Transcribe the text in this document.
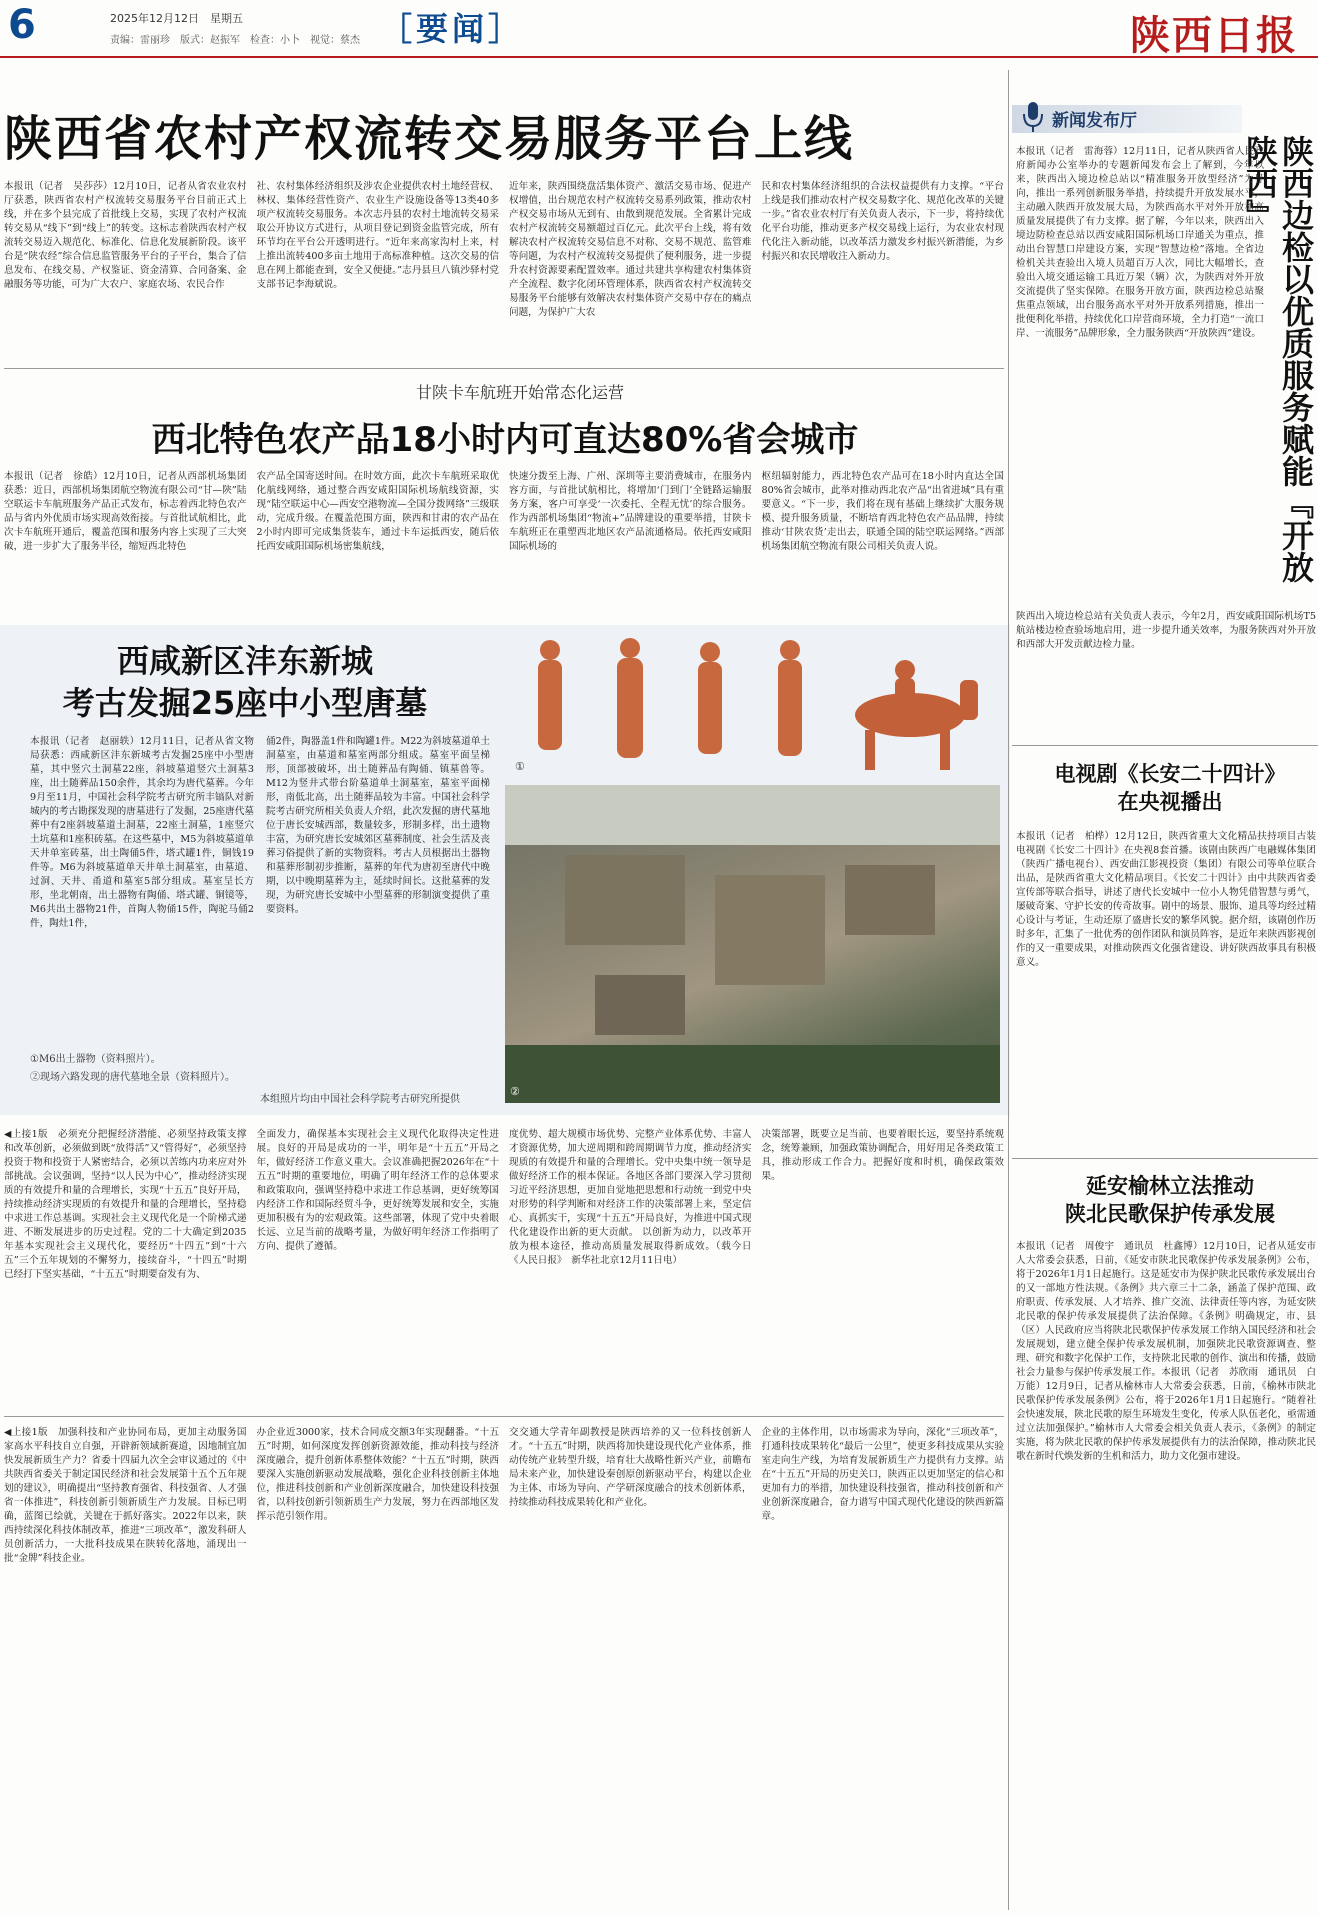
6	2025年12月12日　星期五
责编：雷丽珍　版式：赵振军　检查：小卜　视觉：蔡杰 ［要闻］	陕西日报
陕西省农村产权流转交易服务平台上线

本报讯（记者　吴莎莎）12月10日，记者从省农业农村厅获悉，陕西省农村产权流转交易服务平台目前正式上线，并在多个县完成了首批线上交易，实现了农村产权流转交易从“线下”到“线上”的转变。这标志着陕西农村产权流转交易迈入规范化、标准化、信息化发展新阶段。该平台是“陕农经”综合信息监管服务平台的子平台，集合了信息发布、在线交易、产权鉴证、资金清算、合同备案、金融服务等功能，可为广大农户、家庭农场、农民合作

社、农村集体经济组织及涉农企业提供农村土地经营权、林权、集体经营性资产、农业生产设施设备等13类40多项产权流转交易服务。本次志丹县的农村土地流转交易采取公开协议方式进行，从项目登记到资金监管完成，所有环节均在平台公开透明进行。“近年来高家沟村上来，村上推出流转400多亩土地用于高标准种植。这次交易的信息在网上都能查到，安全又便捷。”志丹县旦八镇沙驿村党支部书记李海斌说。

近年来，陕西围绕盘活集体资产、激活交易市场、促进产权增值，出台规范农村产权流转交易系列政策，推动农村产权交易市场从无到有、由散到规范发展。全省累计完成农村产权流转交易额超过百亿元。此次平台上线，将有效解决农村产权流转交易信息不对称、交易不规范、监管难等问题，为农村产权流转交易提供了便利服务，进一步提升农村资源要素配置效率。通过共建共享构建农村集体资产全流程、数字化闭环管理体系，陕西省农村产权流转交易服务平台能够有效解决农村集体资产交易中存在的痛点问题，为保护广大农

民和农村集体经济组织的合法权益提供有力支撑。“平台上线是我们推动农村产权交易数字化、规范化改革的关键一步。”省农业农村厅有关负责人表示，下一步，将持续优化平台功能，推动更多产权交易线上运行，为农业农村现代化注入新动能，以改革活力激发乡村振兴新潜能，为乡村振兴和农民增收注入新动力。

甘陕卡车航班开始常态化运营
西北特色农产品18小时内可直达80%省会城市

本报讯（记者　徐皓）12月10日，记者从西部机场集团获悉：近日，西部机场集团航空物流有限公司“甘—陕”陆空联运卡车航班服务产品正式发布，标志着西北特色农产品与省内外优质市场实现高效衔接。与首批试航相比，此次卡车航班开通后，覆盖范围和服务内容上实现了三大突破，进一步扩大了服务半径，缩短西北特色

农产品全国寄送时间。在时效方面，此次卡车航班采取优化航线网络，通过整合西安咸阳国际机场航线资源，实现“陆空联运中心—西安空港物流—全国分拨网络”三级联动，完成升级。在覆盖范围方面，陕西和甘肃的农产品在2小时内即可完成集货装车，通过卡车运抵西安，随后依托西安咸阳国际机场密集航线，

快速分拨至上海、广州、深圳等主要消费城市，在服务内容方面，与首批试航相比，将增加‘门到门’全链路运输服务方案，客户可享受‘一次委托、全程无忧’的综合服务。作为西部机场集团“物流+”品牌建设的重要举措，甘陕卡车航班正在重塑西北地区农产品流通格局。依托西安咸阳国际机场的

枢纽辐射能力，西北特色农产品可在18小时内直达全国80%省会城市，此举对推动西北农产品“出省进城”具有重要意义。“下一步，我们将在现有基础上继续扩大服务规模、提升服务质量，不断培育西北特色农产品品牌，持续推动‘甘陕农货’走出去，联通全国的陆空联运网络。”西部机场集团航空物流有限公司相关负责人说。

西咸新区沣东新城
考古发掘25座中小型唐墓

本报讯（记者　赵丽轶）12月11日，记者从省文物局获悉：西咸新区沣东新城考古发掘25座中小型唐墓，其中竖穴土洞墓22座，斜坡墓道竖穴土洞墓3座，出土随葬品150余件，其余均为唐代墓葬。今年9月至11月，中国社会科学院考古研究所丰镐队对新城内的考古勘探发现的唐墓进行了发掘，25座唐代墓葬中有2座斜坡墓道土洞墓，22座土洞墓，1座竖穴土坑墓和1座积砖墓。在这些墓中，M5为斜坡墓道单天井单室砖墓，出土陶俑5件，塔式罐1件，铜钱19件等。M6为斜坡墓道单天井单土洞墓室，由墓道、过洞、天井、甬道和墓室5部分组成。墓室呈长方形，坐北朝南，出土器物有陶俑、塔式罐、铜镜等，M6共出土器物21件，首陶人物俑15件，陶驼马俑2件，陶灶1件，

俑2件，陶器盖1件和陶罐1件。M22为斜坡墓道单土洞墓室，由墓道和墓室两部分组成。墓室平面呈梯形，顶部被破坏，出土随葬品有陶俑、镇墓兽等。M12为竖井式带台阶墓道单土洞墓室，墓室平面梯形，南低北高，出土随葬品较为丰富。中国社会科学院考古研究所相关负责人介绍，此次发掘的唐代墓地位于唐长安城西部，数量较多，形制多样，出土遗物丰富，为研究唐长安城郊区墓葬制度、社会生活及丧葬习俗提供了新的实物资料。考古人员根据出土器物和墓葬形制初步推断，墓葬的年代为唐初至唐代中晚期，以中晚期墓葬为主，延续时间长。这批墓葬的发现，为研究唐长安城中小型墓葬的形制演变提供了重要资料。

①M6出土器物（资料照片）。
②现场六路发现的唐代墓地全景（资料照片）。
本组照片均由中国社会科学院考古研究所提供
①
②

◀上接1版　必须充分把握经济潜能、必须坚持政策支撑和改革创新，必须做到既“放得活”又“管得好”，必须坚持投资于物和投资于人紧密结合，必须以苦练内功来应对外部挑战。会议强调，坚持“以人民为中心”，推动经济实现质的有效提升和量的合理增长，实现“十五五”良好开局，持续推动经济实现质的有效提升和量的合理增长，坚持稳中求进工作总基调。实现社会主义现代化是一个阶梯式递进、不断发展进步的历史过程。党的二十大确定到2035年基本实现社会主义现代化，要经历“十四五”到“十六五”三个五年规划的不懈努力，接续奋斗，“十四五”时期已经打下坚实基础，“十五五”时期要奋发有为、

全面发力，确保基本实现社会主义现代化取得决定性进展。良好的开局是成功的一半，明年是“十五五”开局之年，做好经济工作意义重大。会议准确把握2026年在“十五五”时期的重要地位，明确了明年经济工作的总体要求和政策取向，强调坚持稳中求进工作总基调，更好统筹国内经济工作和国际经贸斗争，更好统筹发展和安全，实施更加积极有为的宏观政策。这些部署，体现了党中央着眼长远、立足当前的战略考量，为做好明年经济工作指明了方向、提供了遵循。

度优势、超大规模市场优势、完整产业体系优势、丰富人才资源优势，加大逆周期和跨周期调节力度，推动经济实现质的有效提升和量的合理增长。党中央集中统一领导是做好经济工作的根本保证。各地区各部门要深入学习贯彻习近平经济思想，更加自觉地把思想和行动统一到党中央对形势的科学判断和对经济工作的决策部署上来，坚定信心、真抓实干，实现“十五五”开局良好，为推进中国式现代化建设作出新的更大贡献。 以创新为动力，以改革开放为根本途径，推动高质量发展取得新成效。（载今日《人民日报》　新华社北京12月11日电）

决策部署，既要立足当前、也要着眼长远，要坚持系统观念，统筹兼顾，加强政策协调配合，用好用足各类政策工具，推动形成工作合力。把握好度和时机，确保政策效果。

◀上接1版　加强科技和产业协同布局，更加主动服务国家高水平科技自立自强，开辟新领域新赛道，因地制宜加快发展新质生产力？省委十四届九次全会审议通过的《中共陕西省委关于制定国民经济和社会发展第十五个五年规划的建议》，明确提出“坚持教育强省、科技强省、人才强省一体推进”，科技创新引领新质生产力发展。目标已明确，蓝图已绘就，关键在于抓好落实。2022年以来，陕西持续深化科技体制改革，推进“三项改革”，激发科研人员创新活力，一大批科技成果在陕转化落地，涌现出一批“金牌”科技企业。

办企业近3000家，技术合同成交额3年实现翻番。“十五五”时期，如何深度发挥创新资源效能，推动科技与经济深度融合，提升创新体系整体效能？“十五五”时期，陕西要深入实施创新驱动发展战略，强化企业科技创新主体地位，推进科技创新和产业创新深度融合，加快建设科技强省，以科技创新引领新质生产力发展，努力在西部地区发挥示范引领作用。

交交通大学青年副教授是陕西培养的又一位科技创新人才。“十五五”时期，陕西将加快建设现代化产业体系，推动传统产业转型升级，培育壮大战略性新兴产业，前瞻布局未来产业，加快建设秦创原创新驱动平台，构建以企业为主体、市场为导向、产学研深度融合的技术创新体系，持续推动科技成果转化和产业化。

企业的主体作用，以市场需求为导向，深化“三项改革”，打通科技成果转化“最后一公里”，使更多科技成果从实验室走向生产线，为培育发展新质生产力提供有力支撑。站在“十五五”开局的历史关口，陕西正以更加坚定的信心和更加有力的举措，加快建设科技强省，推动科技创新和产业创新深度融合，奋力谱写中国式现代化建设的陕西新篇章。

新闻发布厅
陕西边检以优质服务赋能『开放陕西』

本报讯（记者　雷海蓉）12月11日，记者从陕西省人民政府新闻办公室举办的专题新闻发布会上了解到，今年以来，陕西出入境边检总站以“精准服务开放型经济”为导向，推出一系列创新服务举措，持续提升开放发展水平，主动融入陕西开放发展大局，为陕西高水平对外开放和高质量发展提供了有力支撑。据了解，今年以来，陕西出入境边防检查总站以西安咸阳国际机场口岸通关为重点，推动出台智慧口岸建设方案，实现“智慧边检”落地。全省边检机关共查验出入境人员超百万人次，同比大幅增长，查验出入境交通运输工具近万架（辆）次，为陕西对外开放交流提供了坚实保障。在服务开放方面，陕西边检总站聚焦重点领域，出台服务高水平对外开放系列措施，推出一批便利化举措，持续优化口岸营商环境，全力打造“一流口岸、一流服务”品牌形象，全力服务陕西“开放陕西”建设。

陕西出入境边检总站有关负责人表示，今年2月，西安咸阳国际机场T5航站楼边检查验场地启用，进一步提升通关效率，为服务陕西对外开放和西部大开发贡献边检力量。

电视剧《长安二十四计》
在央视播出

本报讯（记者　柏桦）12月12日，陕西省重大文化精品扶持项目古装电视剧《长安二十四计》在央视8套首播。该剧由陕西广电融媒体集团（陕西广播电视台）、西安曲江影视投资（集团）有限公司等单位联合出品，是陕西省重大文化精品项目。《长安二十四计》由中共陕西省委宣传部等联合指导，讲述了唐代长安城中一位小人物凭借智慧与勇气，屡破奇案、守护长安的传奇故事。剧中的场景、服饰、道具等均经过精心设计与考证，生动还原了盛唐长安的繁华风貌。据介绍，该剧创作历时多年，汇集了一批优秀的创作团队和演员阵容，是近年来陕西影视创作的又一重要成果，对推动陕西文化强省建设、讲好陕西故事具有积极意义。

延安榆林立法推动
陕北民歌保护传承发展

本报讯（记者　周俊宇　通讯员　杜鑫博）12月10日，记者从延安市人大常委会获悉，日前，《延安市陕北民歌保护传承发展条例》公布，将于2026年1月1日起施行。这是延安市为保护陕北民歌传承发展出台的又一部地方性法规。《条例》共六章三十二条，涵盖了保护范围、政府职责、传承发展、人才培养、推广交流、法律责任等内容，为延安陕北民歌的保护传承发展提供了法治保障。《条例》明确规定，市、县（区）人民政府应当将陕北民歌保护传承发展工作纳入国民经济和社会发展规划，建立健全保护传承发展机制，加强陕北民歌资源调查、整理、研究和数字化保护工作，支持陕北民歌的创作、演出和传播，鼓励社会力量参与保护传承发展工作。本报讯（记者　苏欣雨　通讯员　白万能）12月9日，记者从榆林市人大常委会获悉，日前，《榆林市陕北民歌保护传承发展条例》公布，将于2026年1月1日起施行。“随着社会快速发展，陕北民歌的原生环境发生变化，传承人队伍老化，亟需通过立法加强保护。”榆林市人大常委会相关负责人表示，《条例》的制定实施，将为陕北民歌的保护传承发展提供有力的法治保障，推动陕北民歌在新时代焕发新的生机和活力，助力文化强市建设。
